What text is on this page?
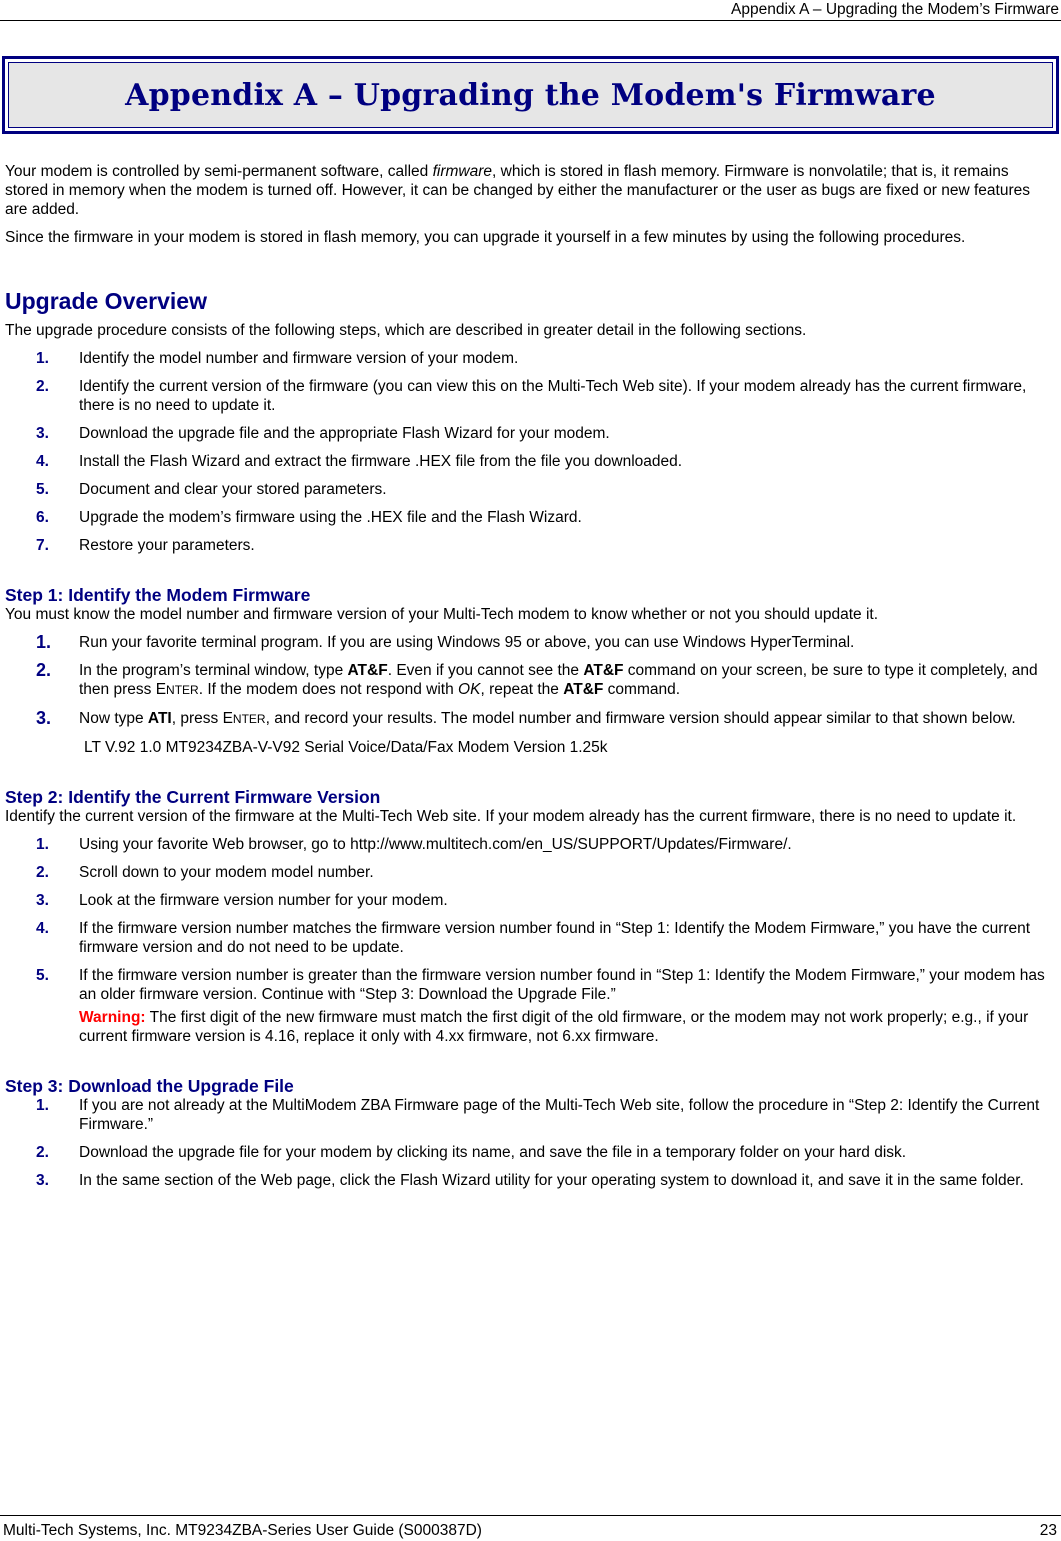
Appendix A – Upgrading the Modem’s Firmware
Appendix A – Upgrading the Modem's Firmware

Your modem is controlled by semi-permanent software, called firmware, which is stored in flash memory. Firmware is nonvolatile; that is, it remains stored in memory when the modem is turned off. However, it can be changed by either the manufacturer or the user as bugs are fixed or new features are added.

Since the firmware in your modem is stored in flash memory, you can upgrade it yourself in a few minutes by using the following procedures.

Upgrade Overview

The upgrade procedure consists of the following steps, which are described in greater detail in the following sections.

1. Identify the model number and firmware version of your modem.
2. Identify the current version of the firmware (you can view this on the Multi-Tech Web site). If your modem already has the current firmware, there is no need to update it.
3. Download the upgrade file and the appropriate Flash Wizard for your modem.
4. Install the Flash Wizard and extract the firmware .HEX file from the file you downloaded.
5. Document and clear your stored parameters.
6. Upgrade the modem’s firmware using the .HEX file and the Flash Wizard.
7. Restore your parameters.
Step 1: Identify the Modem Firmware

You must know the model number and firmware version of your Multi-Tech modem to know whether or not you should update it.

1. Run your favorite terminal program. If you are using Windows 95 or above, you can use Windows HyperTerminal.
2. In the program’s terminal window, type AT&F. Even if you cannot see the AT&F command on your screen, be sure to type it completely, and then press ENTER. If the modem does not respond with OK, repeat the AT&F command.
3. Now type ATI, press ENTER, and record your results. The model number and firmware version should appear similar to that shown below.

LT V.92 1.0 MT9234ZBA-V-V92 Serial Voice/Data/Fax Modem Version 1.25k

Step 2: Identify the Current Firmware Version

Identify the current version of the firmware at the Multi-Tech Web site. If your modem already has the current firmware, there is no need to update it.

1. Using your favorite Web browser, go to http://www.multitech.com/en_US/SUPPORT/Updates/Firmware/.
2. Scroll down to your modem model number.
3. Look at the firmware version number for your modem.
4. If the firmware version number matches the firmware version number found in “Step 1: Identify the Modem Firmware,” you have the current firmware version and do not need to be update.
5. If the firmware version number is greater than the firmware version number found in “Step 1: Identify the Modem Firmware,” your modem has an older firmware version. Continue with “Step 3: Download the Upgrade File.”
Warning: The first digit of the new firmware must match the first digit of the old firmware, or the modem may not work properly; e.g., if your current firmware version is 4.16, replace it only with 4.xx firmware, not 6.xx firmware.
Step 3: Download the Upgrade File
1. If you are not already at the MultiModem ZBA Firmware page of the Multi-Tech Web site, follow the procedure in “Step 2: Identify the Current Firmware.”
2. Download the upgrade file for your modem by clicking its name, and save the file in a temporary folder on your hard disk.
3. In the same section of the Web page, click the Flash Wizard utility for your operating system to download it, and save it in the same folder.
Multi-Tech Systems, Inc. MT9234ZBA-Series User Guide (S000387D)	23
